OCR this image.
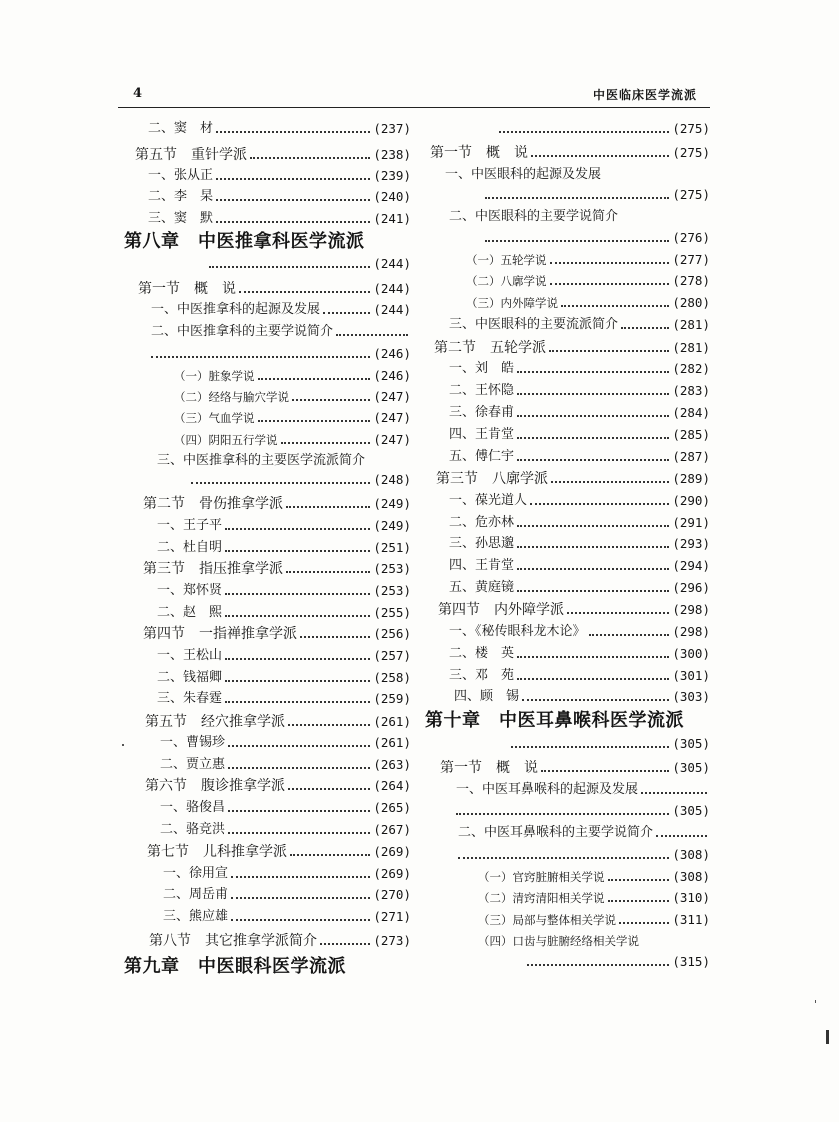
4	中医临床医学流派
二、窦　材	(237)
第五节　重针学派	(238)
一、张从正	(239)
二、李　杲	(240)
三、窦　默	(241)
第八章　中医推拿科医学流派
(244)
第一节　概　说	(244)
一、中医推拿科的起源及发展	(244)
二、中医推拿科的主要学说简介
(246)
（一）脏象学说	(246)
（二）经络与腧穴学说	(247)
（三）气血学说	(247)
（四）阴阳五行学说	(247)
三、中医推拿科的主要医学流派简介
(248)
第二节　骨伤推拿学派	(249)
一、王子平	(249)
二、杜自明	(251)
第三节　指压推拿学派	(253)
一、郑怀贤	(253)
二、赵　熙	(255)
第四节　一指禅推拿学派	(256)
一、王松山	(257)
二、钱福卿	(258)
三、朱春霆	(259)
第五节　经穴推拿学派	(261)
一、曹锡珍	(261)
二、贾立惠	(263)
第六节　腹诊推拿学派	(264)
一、骆俊昌	(265)
二、骆竞洪	(267)
第七节　儿科推拿学派	(269)
一、徐用宣	(269)
二、周岳甫	(270)
三、熊应雄	(271)
第八节　其它推拿学派简介	(273)
第九章　中医眼科医学流派
(275)
第一节　概　说	(275)
一、中医眼科的起源及发展
(275)
二、中医眼科的主要学说简介
(276)
（一）五轮学说	(277)
（二）八廓学说	(278)
（三）内外障学说	(280)
三、中医眼科的主要流派简介	(281)
第二节　五轮学派	(281)
一、刘　皓	(282)
二、王怀隐	(283)
三、徐春甫	(284)
四、王肯堂	(285)
五、傅仁宇	(287)
第三节　八廓学派	(289)
一、葆光道人	(290)
二、危亦林	(291)
三、孙思邈	(293)
四、王肯堂	(294)
五、黄庭镜	(296)
第四节　内外障学派	(298)
一、《秘传眼科龙木论》	(298)
二、楼　英	(300)
三、邓　苑	(301)
四、顾　锡	(303)
第十章　中医耳鼻喉科医学流派
(305)
第一节　概　说	(305)
一、中医耳鼻喉科的起源及发展
(305)
二、中医耳鼻喉科的主要学说简介
(308)
（一）官窍脏腑相关学说	(308)
（二）清窍清阳相关学说	(310)
（三）局部与整体相关学说	(311)
（四）口齿与脏腑经络相关学说
(315)
